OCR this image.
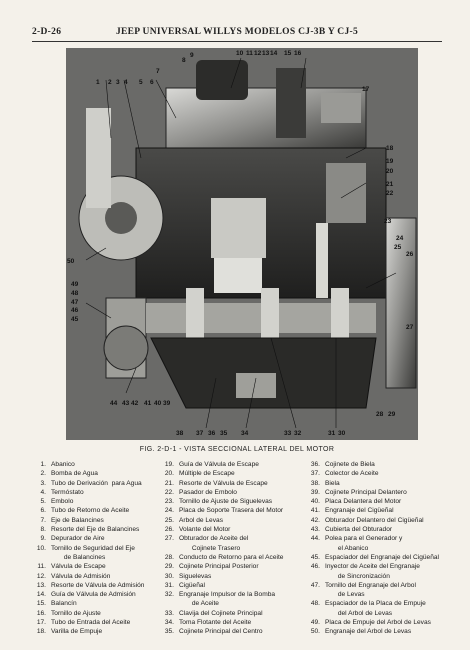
2-D-26	JEEP UNIVERSAL WILLYS MODELOS CJ-3B Y CJ-5
1 2 3 4 5 6
7
8
9	10 11 12 13 14 15 16
17
18
19
20
21
22
23
24
25
26
27
28 29
50
49
48
47
46
45
44 43 42 41 40 39
38 37 36 35 34	33 32	31 30
FIG. 2-D-1 - VISTA SECCIONAL LATERAL DEL MOTOR
1. Abanico
2. Bomba de Agua
3. Tubo de Derivación  para Agua
4. Termóstato
5. Embolo
6. Tubo de Retorno de Aceite
7. Eje de Balancines
8. Resorte del Eje de Balancines
9. Depurador de Aire
10. Tornillo de Seguridad del Eje
de Balancines
11. Válvula de Escape
12. Válvula de Admisión
13. Resorte de Válvula de Admisión
14. Guía de Válvula de Admisión
15. Balancín
16. Tornillo de Ajuste
17. Tubo de Entrada del Aceite
18. Varilla de Empuje
19. Guía de Válvula de Escape
20. Múltiple de Escape
21. Resorte de Válvula de Escape
22. Pasador de Embolo
23. Tornillo de Ajuste de Siguelevas
24. Placa de Soporte Trasera del Motor
25. Arbol de Levas
26. Volante del Motor
27. Obturador de Aceite del
Cojinete Trasero
28. Conducto de Retorno para el Aceite
29. Cojinete Principal Posterior
30. Siguelevas
31. Cigüeñal
32. Engranaje Impulsor de la Bomba
de Aceite
33. Clavija del Cojinete Principal
34. Toma Flotante del Aceite
35. Cojinete Principal del Centro
36. Cojinete de Biela
37. Colector de Aceite
38. Biela
39. Cojinete Principal Delantero
40. Placa Delantera del Motor
41. Engranaje del Cigüeñal
42. Obturador Delantero del Cigüeñal
43. Cubierta del Obturador
44. Polea para el Generador y
el Abanico
45. Espaciador del Engranaje del Cigüeñal
46. Inyector de Aceite del Engranaje
de Sincronización
47. Tornillo del Engranaje del Arbol
de Levas
48. Espaciador de la Placa de Empuje
del Arbol de Levas
49. Placa de Empuje del Arbol de Levas
50. Engranaje del Arbol de Levas
